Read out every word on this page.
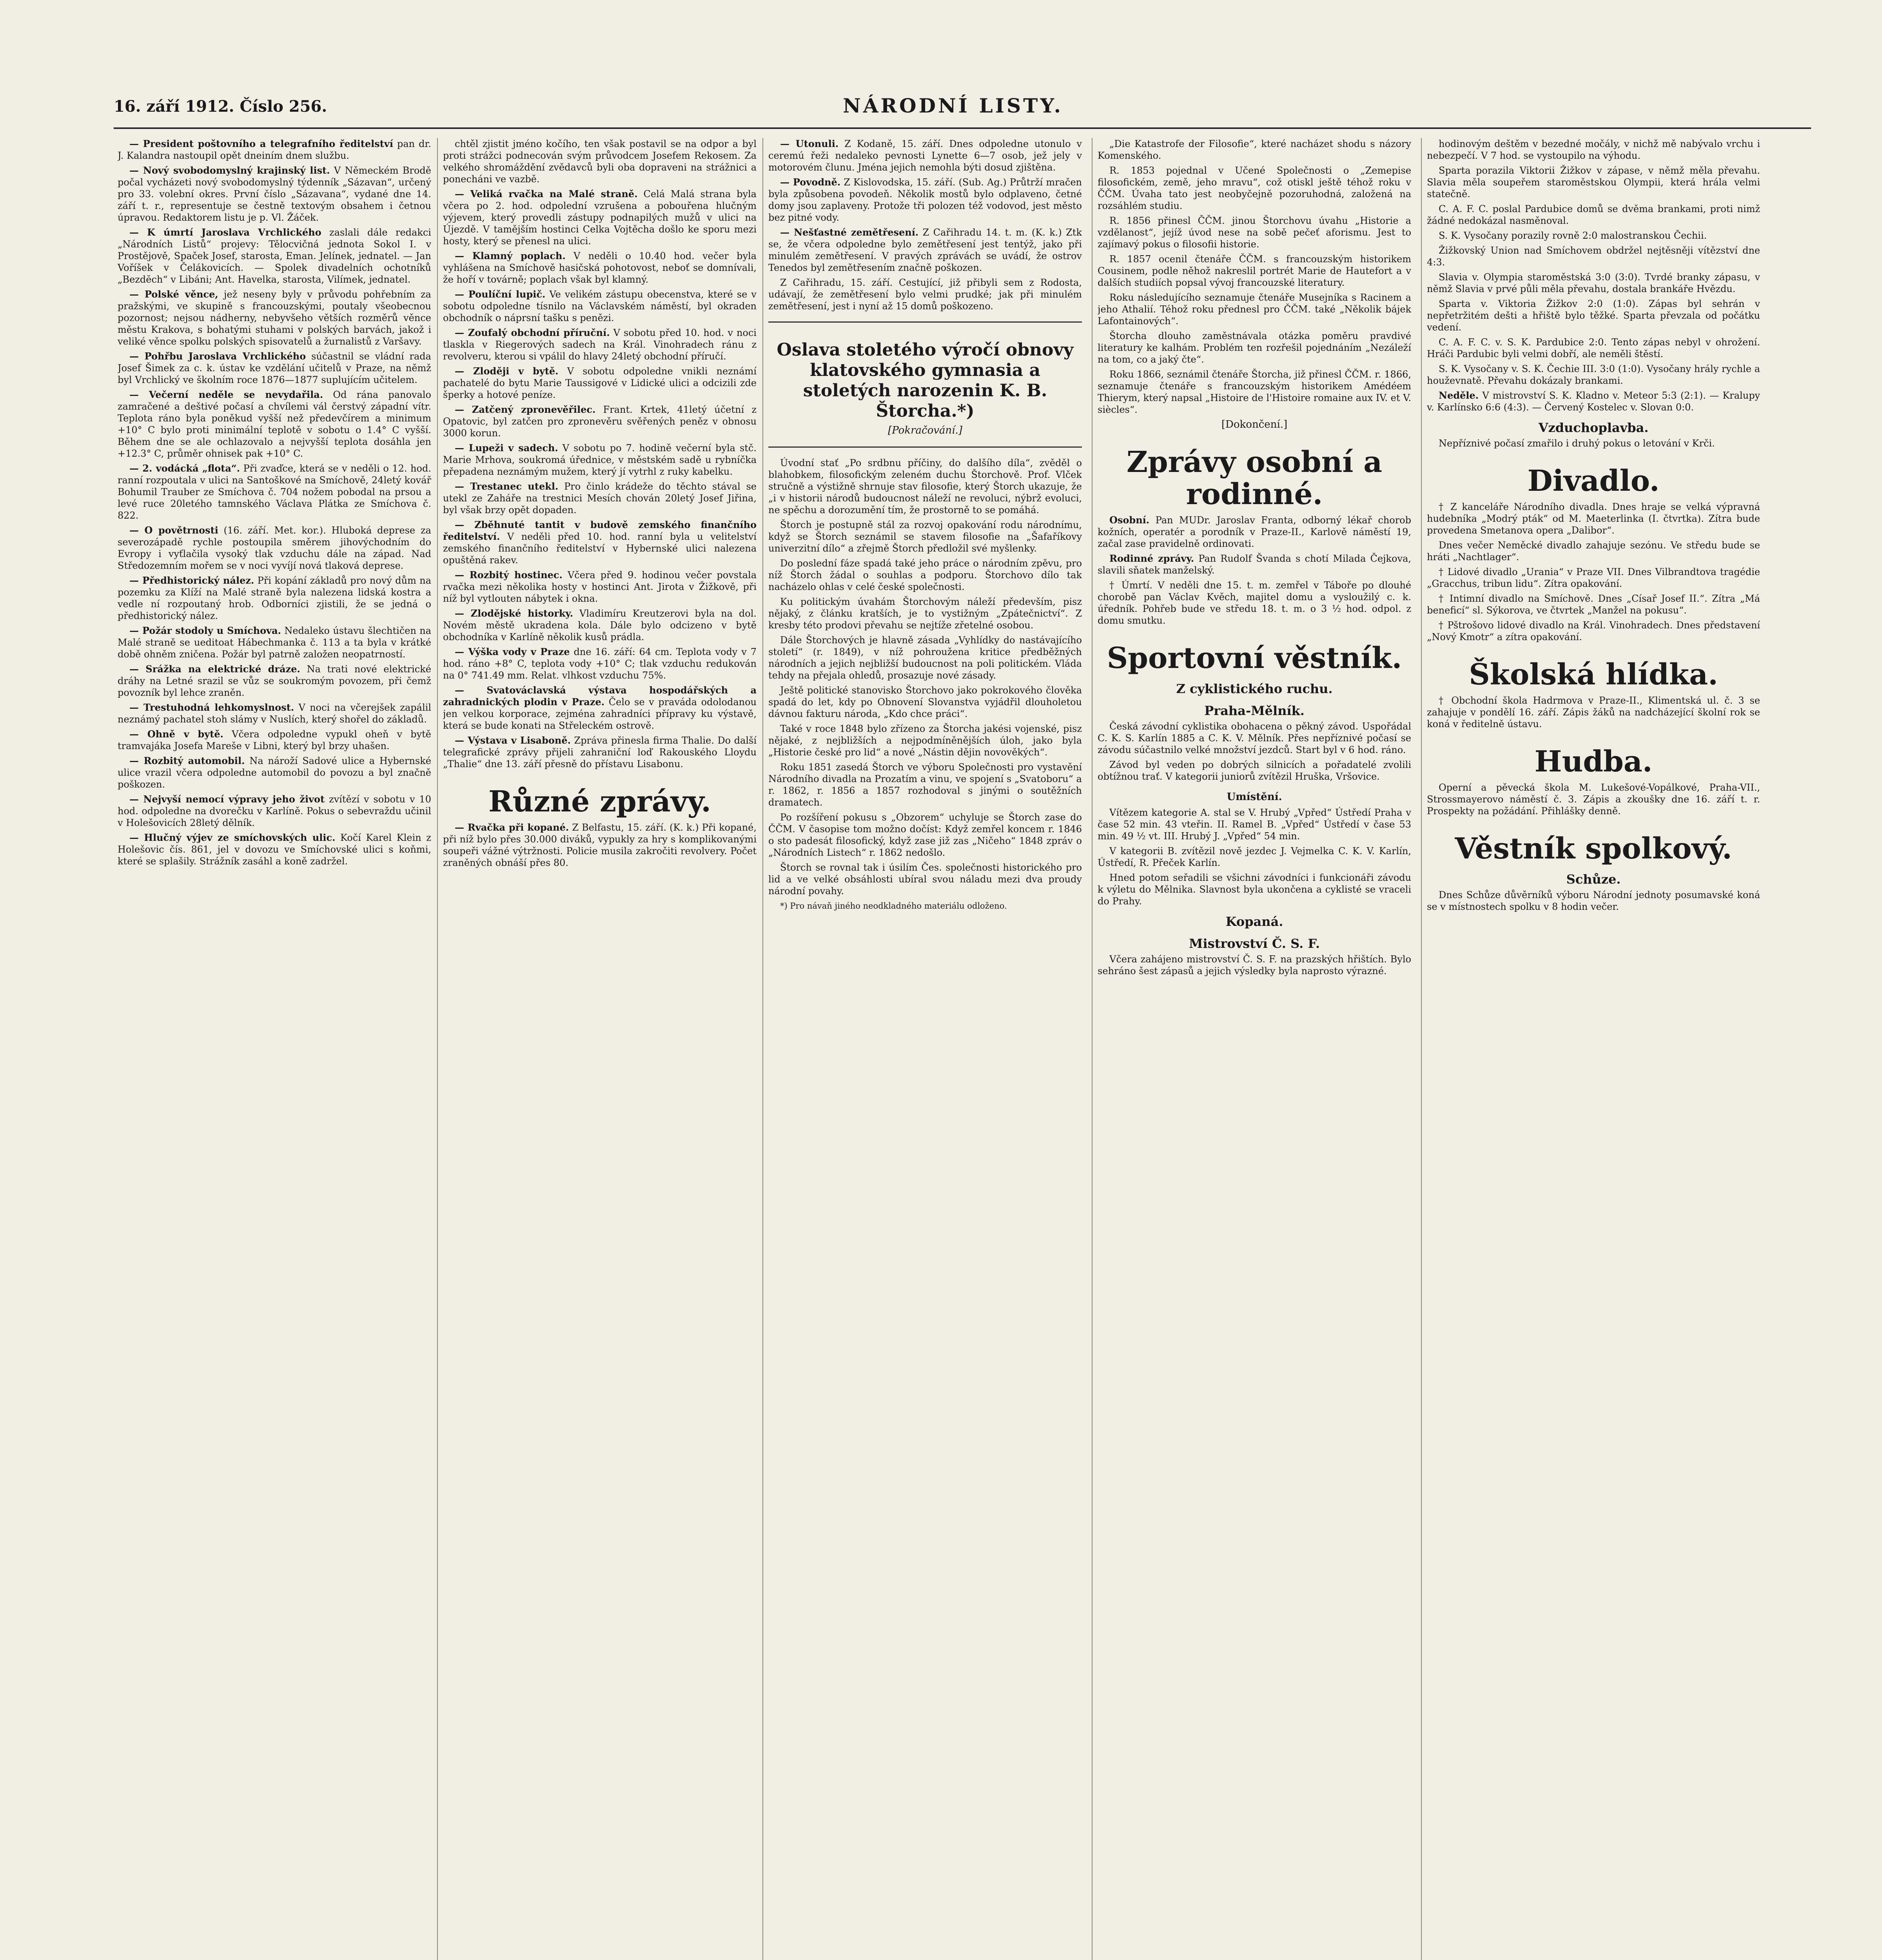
16. září 1912. Číslo 256.	NÁRODNÍ LISTY.

— President poštovního a telegrafního ředitelství pan dr. J. Kalandra nastoupil opět dneiním dnem službu.

— Nový svobodomyslný krajinský list. V Německém Brodě počal vycházeti nový svobodomyslný týdenník „Sázavan“, určený pro 33. volební okres. První číslo „Sázavana“, vydané dne 14. září t. r., representuje se čestně textovým obsahem i četnou úpravou. Redaktorem listu je p. Vl. Žáček.

— K úmrtí Jaroslava Vrchlického zaslali dále redakci „Národních Listů“ projevy: Tělocvičná jednota Sokol I. v Prostějově, Spaček Josef, starosta, Eman. Jelínek, jednatel. — Jan Voříšek v Čelákovicích. — Spolek divadelních ochotníků „Bezdĕch“ v Libáni; Ant. Havelka, starosta, Vilímek, jednatel.

— Polské věnce, jež neseny byly v průvodu pohřebním za pražskými, ve skupině s francouzskými, poutaly všeobecnou pozornost; nejsou nádherny, nebyvšeho větších rozměrů věnce městu Krakova, s bohatými stuhami v polských barvách, jakož i veliké věnce spolku polských spisovatelů a žurnalistů z Varšavy.

— Pohřbu Jaroslava Vrchlického súčastnil se vládní rada Josef Šimek za c. k. ústav ke vzdělání učitelů v Praze, na němž byl Vrchlický ve školním roce 1876—1877 suplujícím učitelem.

— Večerní neděle se nevydařila. Od rána panovalo zamračené a deštivé počasí a chvílemi vál čerstvý západní vítr. Teplota ráno byla poněkud vyšší než předevčírem a minimum +10° C bylo proti minimální teplotě v sobotu o 1.4° C vyšší. Během dne se ale ochlazovalo a nejvyšší teplota dosáhla jen +12.3° C, průměr ohnisek pak +10° C.

— 2. vodácká „flota“. Při zvaďce, která se v neděli o 12. hod. ranní rozpoutala v ulici na Santoškové na Smíchově, 24letý kovář Bohumil Trauber ze Smíchova č. 704 nožem pobodal na prsou a levé ruce 20letého tamnského Václava Plátka ze Smíchova č. 822.

— O povětrnosti (16. září. Met. kor.). Hluboká deprese za severozápadě rychle postoupila směrem jihovýchodním do Evropy i vyťlačila vysoký tlak vzduchu dále na západ. Nad Středozemním mořem se v noci vyvíjí nová tlaková deprese.

— Předhistorický nález. Při kopání základů pro nový dům na pozemku za Klíží na Malé straně byla nalezena lidská kostra a vedle ní rozpoutaný hrob. Odborníci zjistili, že se jedná o předhistorický nález.

— Požár stodoly u Smíchova. Nedaleko ústavu šlechtičen na Malé straně se ueditoat Hábechmanka č. 113 a ta byla v krátké době ohněm zničena. Požár byl patrně založen neopatrností.

— Srážka na elektrické dráze. Na trati nové elektrické dráhy na Letné srazil se vůz se soukromým povozem, při čemž povozník byl lehce zraněn.

— Trestuhodná lehkomyslnost. V noci na včerejšek zapálil neznámý pachatel stoh slámy v Nuslích, který shořel do základů.

— Ohně v bytě. Včera odpoledne vypukl oheň v bytě tramvajáka Josefa Mareše v Libni, který byl brzy uhašen.

— Rozbitý automobil. Na nároží Sadové ulice a Hybernské ulice vrazil včera odpoledne automobil do povozu a byl značně poškozen.

— Nejvyší nemocí výpravy jeho život zvítězí v sobotu v 10 hod. odpoledne na dvorečku v Karlíně. Pokus o sebevraždu učinil v Holešovicích 28letý dělník.

— Hlučný výjev ze smíchovských ulic. Kočí Karel Klein z Holešovic čís. 861, jel v dovozu ve Smíchovské ulici s koňmi, které se splašily. Strážník zasáhl a koně zadržel.

chtěl zjistit jméno kočího, ten však postavil se na odpor a byl proti strážci podnecován svým průvodcem Josefem Rekosem. Za velkého shromáždění zvědavců byli oba dopraveni na strážnici a ponecháni ve vazbě.

— Veliká rvačka na Malé straně. Celá Malá strana byla včera po 2. hod. odpolední vzrušena a pobouřena hlučným výjevem, který provedli zástupy podnapilých mužů v ulici na Újezdě. V tamějším hostinci Celka Vojtěcha došlo ke sporu mezi hosty, který se přenesl na ulici.

— Klamný poplach. V neděli o 10.40 hod. večer byla vyhlášena na Smíchově hasičská pohotovost, neboť se domnívali, že hoří v továrně; poplach však byl klamný.

— Poulíční lupič. Ve velikém zástupu obecenstva, které se v sobotu odpoledne tísnilo na Václavském náměstí, byl okraden obchodník o náprsní tašku s penězi.

— Zoufalý obchodní příruční. V sobotu před 10. hod. v noci tlaskla v Riegerových sadech na Král. Vinohradech ránu z revolveru, kterou si vpálil do hlavy 24letý obchodní příručí.

— Zloději v bytě. V sobotu odpoledne vnikli neznámí pachatelé do bytu Marie Taussigové v Lidické ulici a odcizili zde šperky a hotové peníze.

— Zatčený zpronevěřilec. Frant. Krtek, 41letý účetní z Opatovic, byl zatčen pro zpronevěru svěřených peněz v obnosu 3000 korun.

— Lupeži v sadech. V sobotu po 7. hodině večerní byla stč. Marie Mrhova, soukromá úřednice, v městském sadě u rybníčka přepadena neznámým mužem, který jí vytrhl z ruky kabelku.

— Trestanec utekl. Pro činlo krádeže do těchto stával se utekl ze Zaháře na trestnici Mesích chován 20letý Josef Jiřina, byl však brzy opět dopaden.

— Zběhnuté tantit v budově zemského finančního ředitelství. V neděli před 10. hod. ranní byla u velitelství zemského finančního ředitelství v Hybernské ulici nalezena opuštěná rakev.

— Rozbitý hostinec. Včera před 9. hodinou večer povstala rvačka mezi několika hosty v hostinci Ant. Jirota v Žižkově, při níž byl vytlouten nábytek i okna.

— Zlodějské historky. Vladimíru Kreutzerovi byla na dol. Novém městě ukradena kola. Dále bylo odcizeno v bytě obchodníka v Karlíně několik kusů prádla.

— Výška vody v Praze dne 16. září: 64 cm. Teplota vody v 7 hod. ráno +8° C, teplota vody +10° C; tlak vzduchu redukován na 0° 741.49 mm. Relat. vlhkost vzduchu 75%.

— Svatováclavská výstava hospodářských a zahradnických plodin v Praze. Čelo se v praváda odolodanou jen velkou korporace, zejména zahradníci přípravy ku výstavě, která se bude konati na Střeleckém ostrově.

— Výstava v Lisaboně. Zpráva přinesla firma Thalie. Do další telegrafické zprávy přijeli zahraniční loď Rakouského Lloydu „Thalie“ dne 13. září přesně do přístavu Lisabonu.

Různé zprávy.

— Rvačka při kopané. Z Belfastu, 15. září. (K. k.) Při kopané, při níž bylo přes 30.000 diváků, vypukly za hry s komplikovanými soupeři vážné výtržnosti. Policie musila zakročiti revolvery. Počet zraněných obnáší přes 80.

— Utonuli. Z Kodaně, 15. září. Dnes odpoledne utonulo v ceremú řeži nedaleko pevnosti Lynette 6—7 osob, jež jely v motorovém člunu. Jména jejich nemohla býti dosud zjištěna.

— Povodně. Z Kislovodska, 15. září. (Sub. Ag.) Průtrží mračen byla způsobena povodeň. Několik mostů bylo odplaveno, četné domy jsou zaplaveny. Protože tři polozen též vodovod, jest město bez pitné vody.

— Nešťastné zemětřesení. Z Cařihradu 14. t. m. (K. k.) Ztk se, že včera odpoledne bylo zemětřesení jest tentýž, jako při minulém zemětřesení. V pravých zprávách se uvádí, že ostrov Tenedos byl zemětřesením značně poškozen.

Z Cařihradu, 15. září. Cestující, již přibyli sem z Rodosta, udávají, že zemětřesení bylo velmi prudké; jak při minulém zemětřesení, jest i nyní až 15 domů poškozeno.

Oslava stoletého výročí obnovy klatovského gymnasia a stoletých narozenin K. B. Štorcha.*)
[Pokračování.]

Úvodní stať „Po srdbnu příčiny, do dalšího díla“, zvěděl o blahobkem, filosofickým zeleném duchu Štorchově. Prof. Vlček stručně a výstižně shrnuje stav filosofie, který Štorch ukazuje, že „i v historii národů budoucnost náleží ne revoluci, nýbrž evoluci, ne spěchu a dorozumění tím, že prostorně to se pomáhá.

Štorch je postupně stál za rozvoj opakování rodu národnímu, když se Štorch seznámil se stavem filosofie na „Šafaříkovy univerzitní dílo“ a zřejmě Štorch předložil své myšlenky.

Do poslední fáze spadá také jeho práce o národním zpěvu, pro níž Štorch žádal o souhlas a podporu. Štorchovo dílo tak nacházelo ohlas v celé české společnosti.

Ku politickým úvahám Štorchovým náleží především, pisz nějaký, z článku kratších, je to vystižným „Zpátečnictví“. Z kresby této prodovi převahu se nejtíže zřetelné osobou.

Dále Štorchových je hlavně zásada „Vyhlídky do nastávajícího století“ (r. 1849), v níž pohroužena kritice předběžných národních a jejich nejbližší budoucnost na poli politickém. Vláda tehdy na přejala ohledů, prosazuje nové zásady.

Ještě politické stanovisko Štorchovo jako pokrokového člověka spadá do let, kdy po Obnovení Slovanstva vyjádřil dlouholetou dávnou fakturu národa, „Kdo chce práci“.

Také v roce 1848 bylo zřízeno za Štorcha jakési vojenské, pisz nějaké, z nejbližších a nejpodmíněnějších úloh, jako byla „Historie české pro lid“ a nové „Nástin dějin novověkých“.

Roku 1851 zasedá Štorch ve výboru Společnosti pro vystavění Národního divadla na Prozatím a vinu, ve spojení s „Svatoboru“ a r. 1862, r. 1856 a 1857 rozhodoval s jinými o soutěžních dramatech.

Po rozšíření pokusu s „Obzorem“ uchyluje se Štorch zase do ČČM. V časopise tom možno dočíst: Když zemřel koncem r. 1846 o sto padesát filosofický, když zase již zas „Ničeho“ 1848 zpráv o „Národních Listech“ r. 1862 nedošlo.

Štorch se rovnal tak i úsilím Čes. společnosti historického pro lid a ve velké obsáhlosti ubíral svou náladu mezi dva proudy národní povahy.

*) Pro návaň jiného neodkladného materiálu odloženo.

„Die Katastrofe der Filosofie“, které nacházet shodu s názory Komenského.

R. 1853 pojednal v Učené Společnosti o „Zemepise filosofickém, země, jeho mravu“, což otiskl ještě téhož roku v ČČM. Úvaha tato jest neobyčejně pozoruhodná, založená na rozsáhlém studiu.

R. 1856 přinesl ČČM. jinou Štorchovu úvahu „Historie a vzdělanost“, jejíž úvod nese na sobě pečeť aforismu. Jest to zajímavý pokus o filosofii historie.

R. 1857 ocenil čtenáře ČČM. s francouzským historikem Cousinem, podle něhož nakreslil portrét Marie de Hautefort a v dalších studiích popsal vývoj francouzské literatury.

Roku následujícího seznamuje čtenáře Musejníka s Racinem a jeho Athalií. Téhož roku přednesl pro ČČM. také „Několik bájek Lafontainových“.

Štorcha dlouho zaměstnávala otázka poměru pravdivé literatury ke kalhám. Problém ten rozřešil pojednáním „Nezáleží na tom, co a jaký čte“.

Roku 1866, seznámil čtenáře Štorcha, již přinesl ČČM. r. 1866, seznamuje čtenáře s francouzským historikem Amédéem Thierym, který napsal „Histoire de l'Histoire romaine aux IV. et V. siècles“.

[Dokončení.]
Zprávy osobní a rodinné.

Osobní. Pan MUDr. Jaroslav Franta, odborný lékař chorob kožních, operatér a porodník v Praze-II., Karlově náměstí 19, začal zase pravidelně ordinovati.

Rodinné zprávy. Pan Rudolf Švanda s chotí Milada Čejkova, slavili sňatek manželský.

† Úmrtí. V neděli dne 15. t. m. zemřel v Táboře po dlouhé chorobě pan Václav Kvěch, majitel domu a vysloužilý c. k. úředník. Pohřeb bude ve středu 18. t. m. o 3 ½ hod. odpol. z domu smutku.

Sportovní věstník.
Z cyklistického ruchu.
Praha-Mělník.

Česká závodní cyklistika obohacena o pěkný závod. Uspořádal C. K. S. Karlín 1885 a C. K. V. Mělník. Přes nepříznivé počasí se závodu súčastnilo velké množství jezdců. Start byl v 6 hod. ráno.

Závod byl veden po dobrých silnicích a pořadatelé zvolili obtížnou trať. V kategorii juniorů zvítězil Hruška, Vršovice.

Umístění.

Vítězem kategorie A. stal se V. Hrubý „Vpřed“ Ústředí Praha v čase 52 min. 43 vteřin. II. Ramel B. „Vpřed“ Ústředí v čase 53 min. 49 ½ vt. III. Hrubý J. „Vpřed“ 54 min.

V kategorii B. zvítězil nově jezdec J. Vejmelka C. K. V. Karlín, Ústředí, R. Přeček Karlín.

Hned potom seřadili se všichni závodníci i funkcionáři závodu k výletu do Mělnika. Slavnost byla ukončena a cyklisté se vraceli do Prahy.

Kopaná.
Mistrovství Č. S. F.

Včera zahájeno mistrovství Č. S. F. na prazských hřištích. Bylo sehráno šest zápasů a jejich výsledky byla naprosto výrazné.

hodinovým deštěm v bezedné močály, v nichž mě nabývalo vrchu i nebezpečí. V 7 hod. se vystoupilo na výhodu.

Sparta porazila Viktorii Žižkov v zápase, v němž měla převahu. Slavia měla soupeřem staroměstskou Olympii, která hrála velmi statečně.

C. A. F. C. poslal Pardubice domů se dvěma brankami, proti nimž žádné nedokázal nasměnoval.

S. K. Vysočany porazily rovně 2:0 malostranskou Čechii.

Žižkovský Union nad Smíchovem obdržel nejtěsněji vítězství dne 4:3.

Slavia v. Olympia staroměstská 3:0 (3:0). Tvrdé branky zápasu, v němž Slavia v prvé půli měla převahu, dostala brankáře Hvězdu.

Sparta v. Viktoria Žižkov 2:0 (1:0). Zápas byl sehrán v nepřetržitém dešti a hřiště bylo těžké. Sparta převzala od počátku vedení.

C. A. F. C. v. S. K. Pardubice 2:0. Tento zápas nebyl v ohrožení. Hráči Pardubic byli velmi dobří, ale neměli štěstí.

S. K. Vysočany v. S. K. Čechie III. 3:0 (1:0). Vysočany hrály rychle a houževnatě. Převahu dokázaly brankami.

Neděle. V mistrovství S. K. Kladno v. Meteor 5:3 (2:1). — Kralupy v. Karlínsko 6:6 (4:3). — Červený Kostelec v. Slovan 0:0.

Vzduchoplavba.

Nepříznivé počasí zmařilo i druhý pokus o letování v Krči.

Divadlo.

† Z kanceláře Národního divadla. Dnes hraje se velká výpravná hudebníka „Modrý pták“ od M. Maeterlinka (I. čtvrtka). Zítra bude provedena Smetanova opera „Dalibor“.

Dnes večer Neměcké divadlo zahajuje sezónu. Ve středu bude se hráti „Nachtlager“.

† Lidové divadlo „Urania“ v Praze VII. Dnes Vilbrandtova tragédie „Gracchus, tribun lidu“. Zítra opakování.

† Intimní divadlo na Smíchově. Dnes „Císař Josef II.“. Zítra „Má beneficí“ sl. Sýkorova, ve čtvrtek „Manžel na pokusu“.

† Pštrošovo lidové divadlo na Král. Vinohradech. Dnes představení „Nový Kmotr“ a zítra opakování.

Školská hlídka.

† Obchodní škola Hadrmova v Praze-II., Klimentská ul. č. 3 se zahajuje v pondělí 16. září. Zápis žáků na nadcházející školní rok se koná v ředitelně ústavu.

Hudba.

Operní a pěvecká škola M. Lukešové-Vopálkové, Praha-VII., Strossmayerovo náměstí č. 3. Zápis a zkoušky dne 16. září t. r. Prospekty na požádání. Přihlášky denně.

Věstník spolkový.
Schůze.

Dnes Schůze důvěrníků výboru Národní jednoty posumavské koná se v místnostech spolku v 8 hodin večer.
